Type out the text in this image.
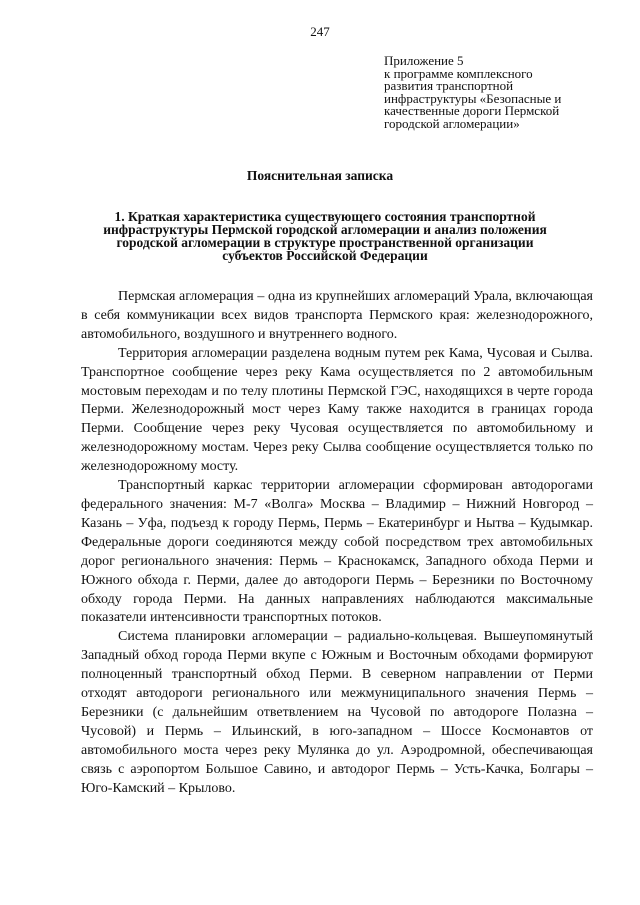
247
Приложение 5
к программе комплексного
развития транспортной
инфраструктуры «Безопасные и
качественные дороги Пермской
городской агломерации»
Пояснительная записка
1. Краткая характеристика существующего состояния транспортной
инфраструктуры Пермской городской агломерации и анализ положения
городской агломерации в структуре пространственной организации
субъектов Российской Федерации

Пермская агломерация – одна из крупнейших агломераций Урала, включающая в себя коммуникации всех видов транспорта Пермского края: железнодорожного, автомобильного, воздушного и внутреннего водного.

Территория агломерации разделена водным путем рек Кама, Чусовая и Сылва. Транспортное сообщение через реку Кама осуществляется по 2 автомобильным мостовым переходам и по телу плотины Пермской ГЭС, находящихся в черте города Перми. Железнодорожный мост через Каму также находится в границах города Перми. Сообщение через реку Чусовая осуществляется по автомобильному и железнодорожному мостам. Через реку Сылва сообщение осуществляется только по железнодорожному мосту.

Транспортный каркас территории агломерации сформирован автодорогами федерального значения: М-7 «Волга» Москва – Владимир – Нижний Новгород – Казань – Уфа, подъезд к городу Пермь, Пермь – Екатеринбург и Нытва – Кудымкар. Федеральные дороги соединяются между собой посредством трех автомобильных дорог регионального значения: Пермь – Краснокамск, Западного обхода Перми и Южного обхода г. Перми, далее до автодороги Пермь – Березники по Восточному обходу города Перми. На данных направлениях наблюдаются максимальные показатели интенсивности транспортных потоков.

Система планировки агломерации – радиально-кольцевая. Вышеупомянутый Западный обход города Перми вкупе с Южным и Восточным обходами формируют полноценный транспортный обход Перми. В северном направлении от Перми отходят автодороги регионального или межмуниципального значения Пермь – Березники (с дальнейшим ответвлением на Чусовой по автодороге Полазна – Чусовой) и Пермь – Ильинский, в юго-западном – Шоссе Космонавтов от автомобильного моста через реку Мулянка до ул. Аэродромной, обеспечивающая связь с аэропортом Большое Савино, и автодорог Пермь – Усть-Качка, Болгары – Юго-Камский – Крылово.
